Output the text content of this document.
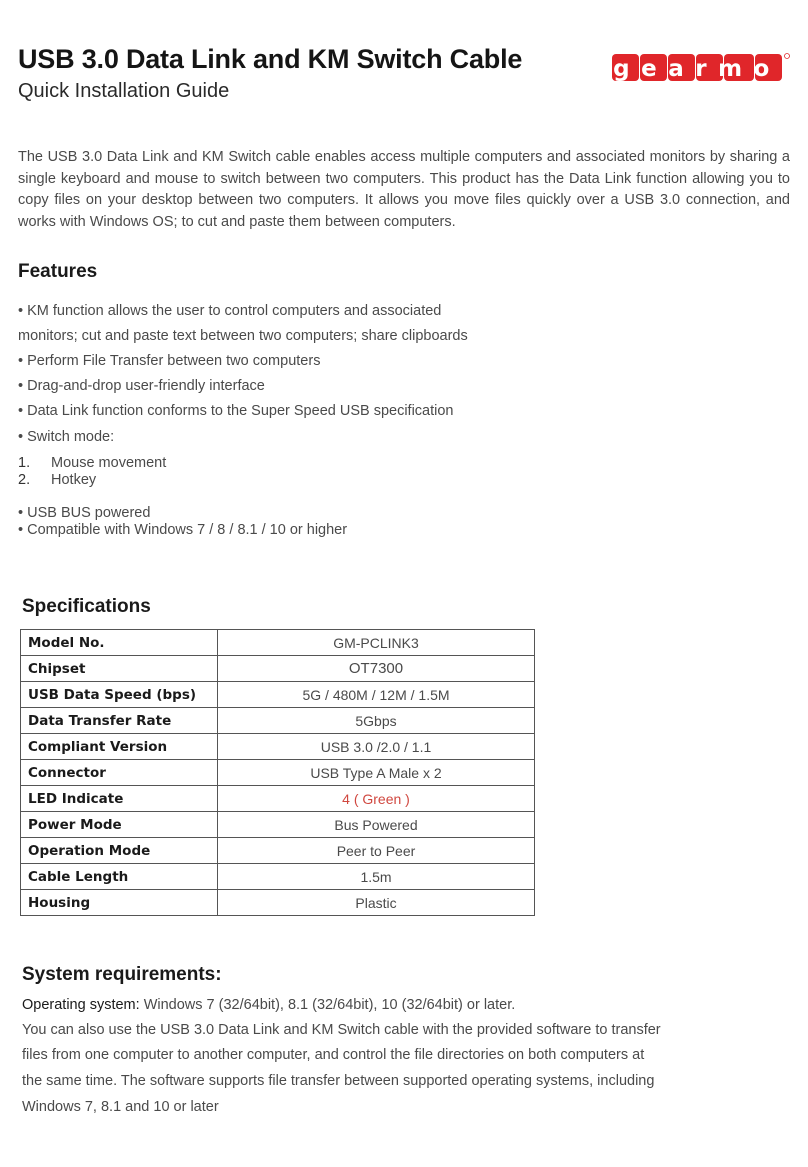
USB 3.0 Data Link and KM Switch Cable
Quick Installation Guide
gearmo
The USB 3.0 Data Link and KM Switch cable enables access multiple computers and associated monitors by sharing a single keyboard and mouse to switch between two computers. This product has the Data Link function allowing you to copy files on your desktop between two computers. It allows you move files quickly over a USB 3.0 connection, and works with Windows OS; to cut and paste them between computers.
Features
• KM function allows the user to control computers and associated
monitors; cut and paste text between two computers; share clipboards
• Perform File Transfer between two computers
• Drag-and-drop user-friendly interface
• Data Link function conforms to the Super Speed USB specification
• Switch mode:
1. Mouse movement
2. Hotkey
• USB BUS powered
• Compatible with Windows 7 / 8 / 8.1 / 10 or higher
Specifications
Model No.	GM-PCLINK3
Chipset	OT7300
USB Data Speed (bps)	5G / 480M / 12M / 1.5M
Data Transfer Rate	5Gbps
Compliant Version	USB 3.0 /2.0 / 1.1
Connector	USB Type A Male x 2
LED Indicate	4 ( Green )
Power Mode	Bus Powered
Operation Mode	Peer to Peer
Cable Length	1.5m
Housing	Plastic
System requirements:
Operating system: Windows 7 (32/64bit), 8.1 (32/64bit), 10 (32/64bit) or later.
You can also use the USB 3.0 Data Link and KM Switch cable with the provided software to transfer
files from one computer to another computer, and control the file directories on both computers at
the same time. The software supports file transfer between supported operating systems, including
Windows 7, 8.1 and 10 or later
